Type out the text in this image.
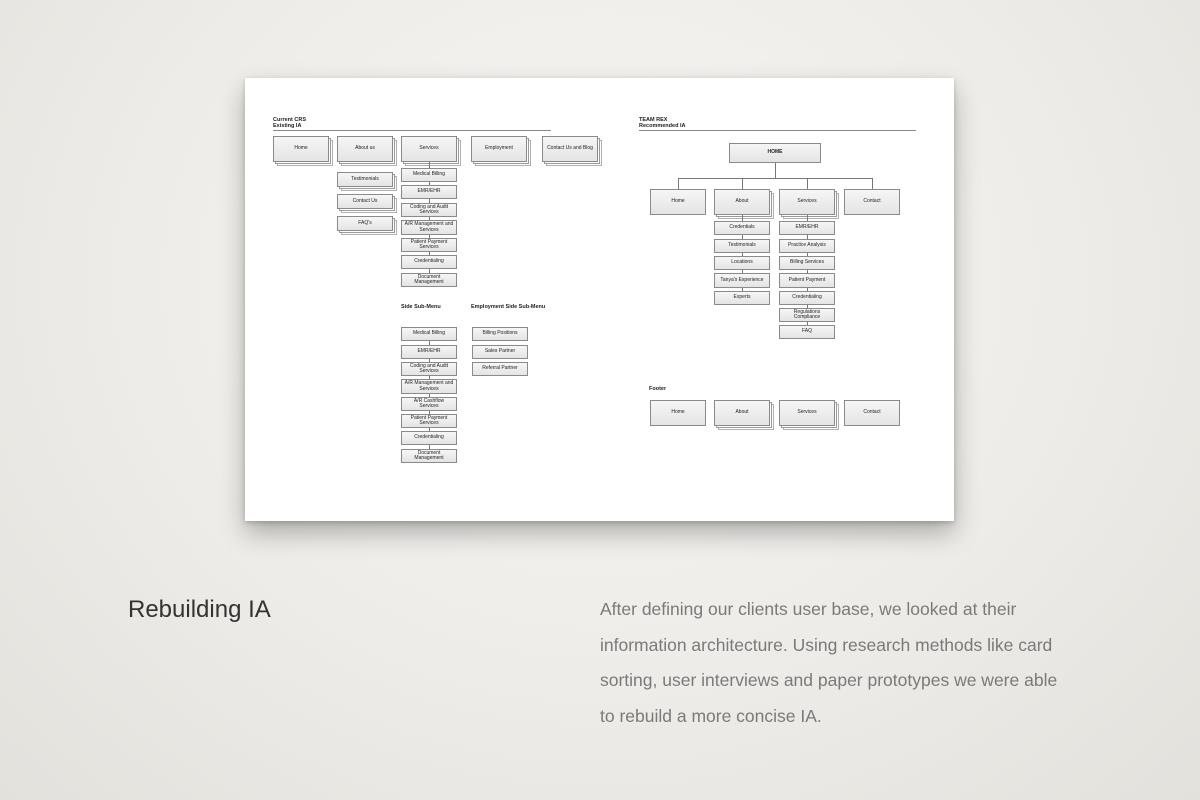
Current CRS
Existing IA
Home	About us	Services	Employment	Contact Us and Blog
Testimonials
Contact Us
FAQ's
Medical Billing
EMR/EHR
Coding and Audit Services
A/R Management and Services
Patient Payment Services
Credentialing
Document Management
Side Sub-Menu
Medical Billing
EMR/EHR
Coding and Audit Services
A/R Management and Services
A/R Cashflow Services
Patient Payment Services
Credentialing
Document Management
Employment Side Sub-Menu
Billing Positions
Sales Partner
Referral Partner
TEAM REX
Recommended IA
HOME
Home	About	Services	Contact
Credentials
Testimonials
Locations
Tanya's Experience
Experts
EMR/EHR
Practice Analysis
Billing Services
Patient Payment
Credentialing
Regulations Compliance
FAQ
Footer
Home	About	Services	Contact
Rebuilding IA	After defining our clients user base, we looked at their information architecture. Using research methods like card sorting, user interviews and paper prototypes we were able to rebuild a more concise IA.
